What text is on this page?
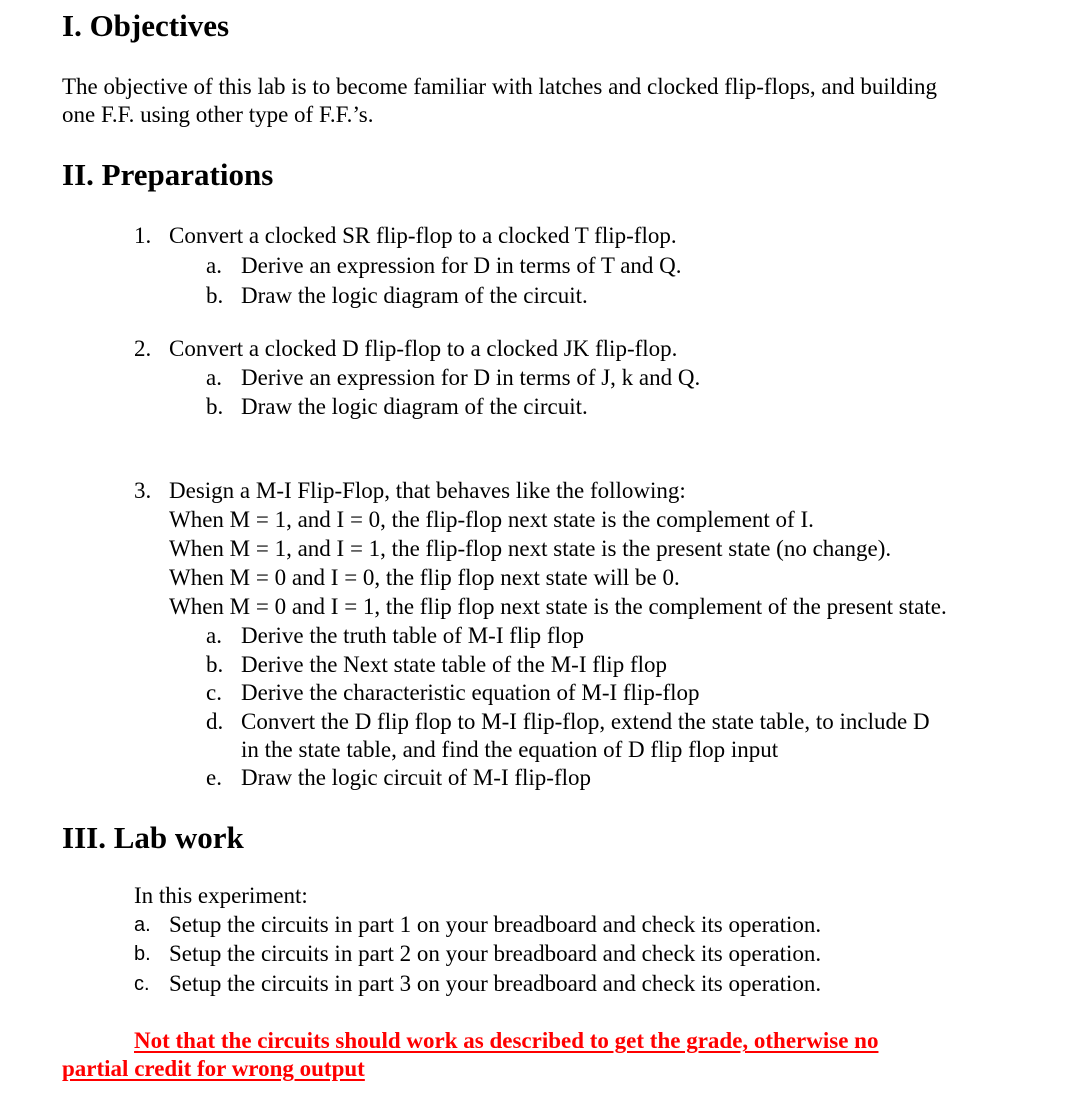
I. Objectives
The objective of this lab is to become familiar with latches and clocked flip-flops, and building
one F.F. using other type of F.F.’s.
II. Preparations
1. Convert a clocked SR flip-flop to a clocked T flip-flop.
a. Derive an expression for D in terms of T and Q.
b. Draw the logic diagram of the circuit.
2. Convert a clocked D flip-flop to a clocked JK flip-flop.
a. Derive an expression for D in terms of J, k and Q.
b. Draw the logic diagram of the circuit.
3. Design a M-I Flip-Flop, that behaves like the following:
When M = 1, and I = 0, the flip-flop next state is the complement of I.
When M = 1, and I = 1, the flip-flop next state is the present state (no change).
When M = 0 and I = 0, the flip flop next state will be 0.
When M = 0 and I = 1, the flip flop next state is the complement of the present state.
a. Derive the truth table of M-I flip flop
b. Derive the Next state table of the M-I flip flop
c. Derive the characteristic equation of M-I flip-flop
d. Convert the D flip flop to M-I flip-flop, extend the state table, to include D
in the state table, and find the equation of D flip flop input
e. Draw the logic circuit of M-I flip-flop
III. Lab work
In this experiment:
a. Setup the circuits in part 1 on your breadboard and check its operation.
b. Setup the circuits in part 2 on your breadboard and check its operation.
c. Setup the circuits in part 3 on your breadboard and check its operation.
Not that the circuits should work as described to get the grade, otherwise no
partial credit for wrong output
